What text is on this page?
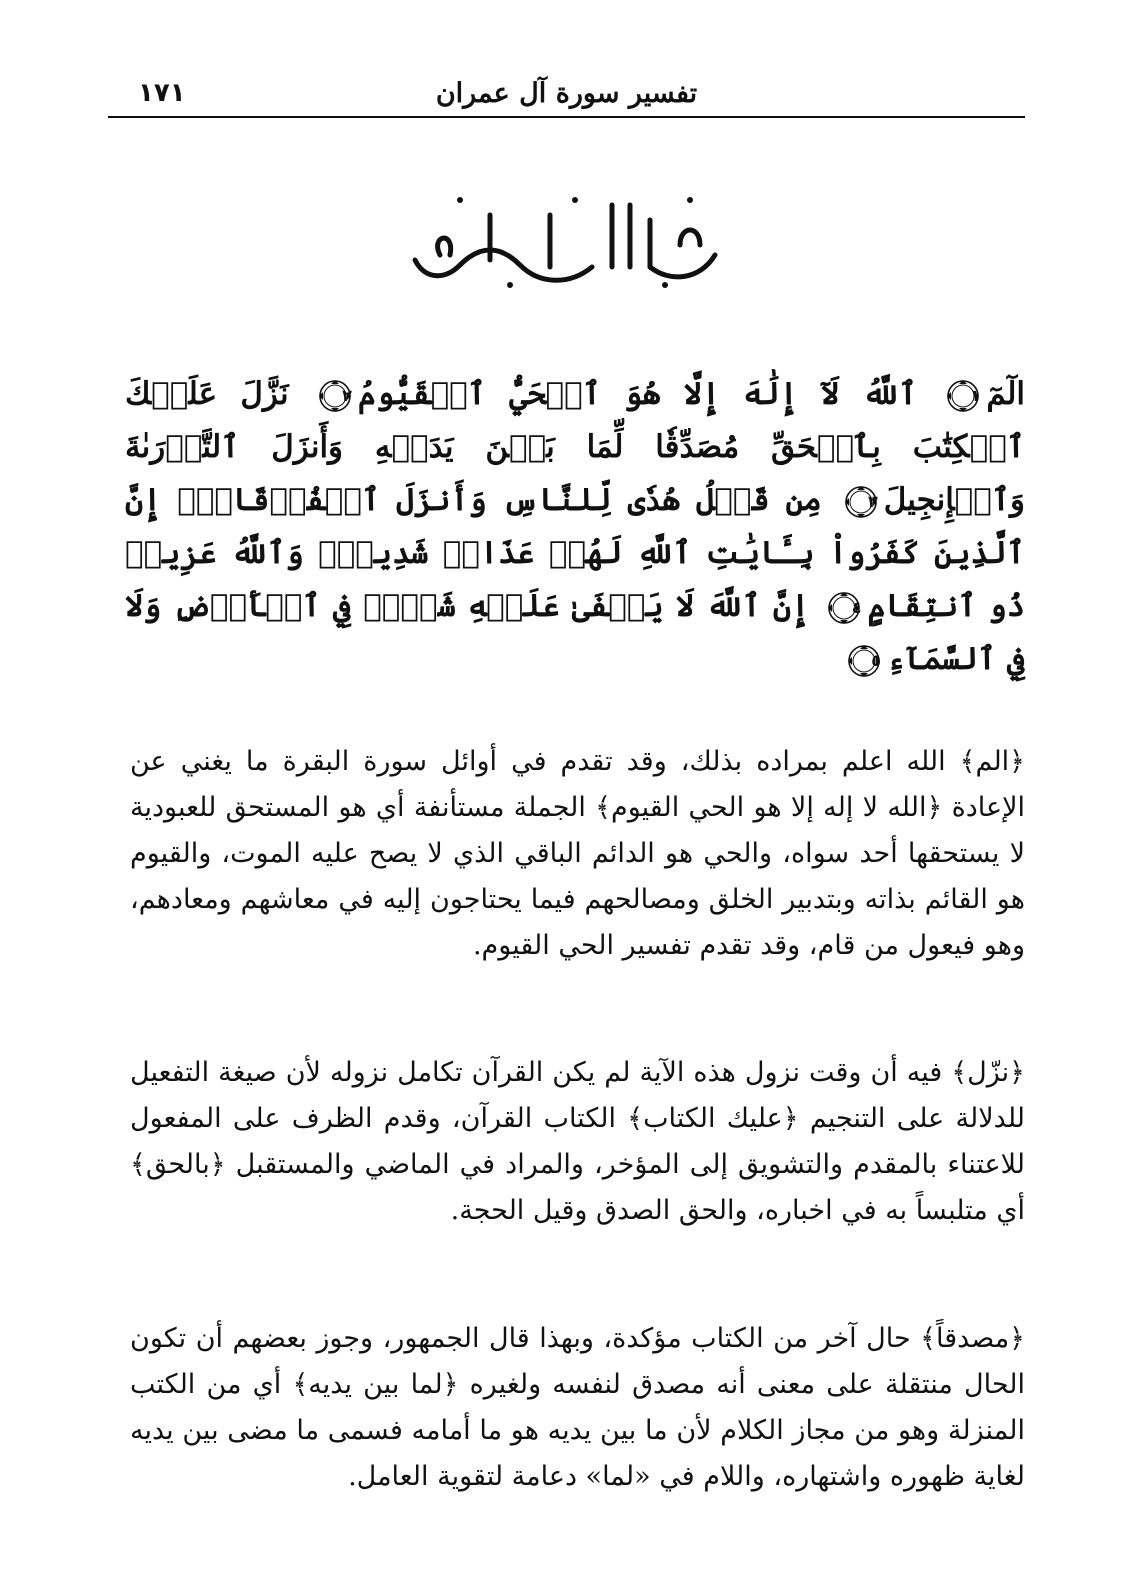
١٧١	تفسير سورة آل عمران
الٓمٓ
١
ٱللَّهُ لَآ إِلَٰهَ إِلَّا هُوَ ٱلۡحَيُّ ٱلۡقَيُّومُ
٢
نَزَّلَ عَلَيۡكَ ٱلۡكِتَٰبَ بِٱلۡحَقِّ مُصَدِّقٗا لِّمَا بَيۡنَ يَدَيۡهِ وَأَنزَلَ ٱلتَّوۡرَىٰةَ وَٱلۡإِنجِيلَ
٣
مِن قَبۡلُ هُدٗى لِّلنَّاسِ وَأَنزَلَ ٱلۡفُرۡقَانَۗ إِنَّ ٱلَّذِينَ كَفَرُواْ بِـَٔايَٰتِ ٱللَّهِ لَهُمۡ عَذَابٞ شَدِيدٞۗ وَٱللَّهُ عَزِيزٞ ذُو ٱنتِقَامٍ
٤
إِنَّ ٱللَّهَ لَا يَخۡفَىٰ عَلَيۡهِ شَيۡءٞ فِي ٱلۡأَرۡضِ وَلَا فِي ٱلسَّمَآءِ
٥

﴿الم﴾ الله اعلم بمراده بذلك، وقد تقدم في أوائل سورة البقرة ما يغني عن الإعادة ﴿الله لا إله إلا هو الحي القيوم﴾ الجملة مستأنفة أي هو المستحق للعبودية لا يستحقها أحد سواه، والحي هو الدائم الباقي الذي لا يصح عليه الموت، والقيوم هو القائم بذاته وبتدبير الخلق ومصالحهم فيما يحتاجون إليه في معاشهم ومعادهم، وهو فيعول من قام، وقد تقدم تفسير الحي القيوم.

﴿نزّل﴾ فيه أن وقت نزول هذه الآية لم يكن القرآن تكامل نزوله لأن صيغة التفعيل للدلالة على التنجيم ﴿عليك الكتاب﴾ الكتاب القرآن، وقدم الظرف على المفعول للاعتناء بالمقدم والتشويق إلى المؤخر، والمراد في الماضي والمستقبل ﴿بالحق﴾ أي متلبساً به في اخباره، والحق الصدق وقيل الحجة.

﴿مصدقاً﴾ حال آخر من الكتاب مؤكدة، وبهذا قال الجمهور، وجوز بعضهم أن تكون الحال منتقلة على معنى أنه مصدق لنفسه ولغيره ﴿لما بين يديه﴾ أي من الكتب المنزلة وهو من مجاز الكلام لأن ما بين يديه هو ما أمامه فسمى ما مضى بين يديه لغاية ظهوره واشتهاره، واللام في «لما» دعامة لتقوية العامل.
